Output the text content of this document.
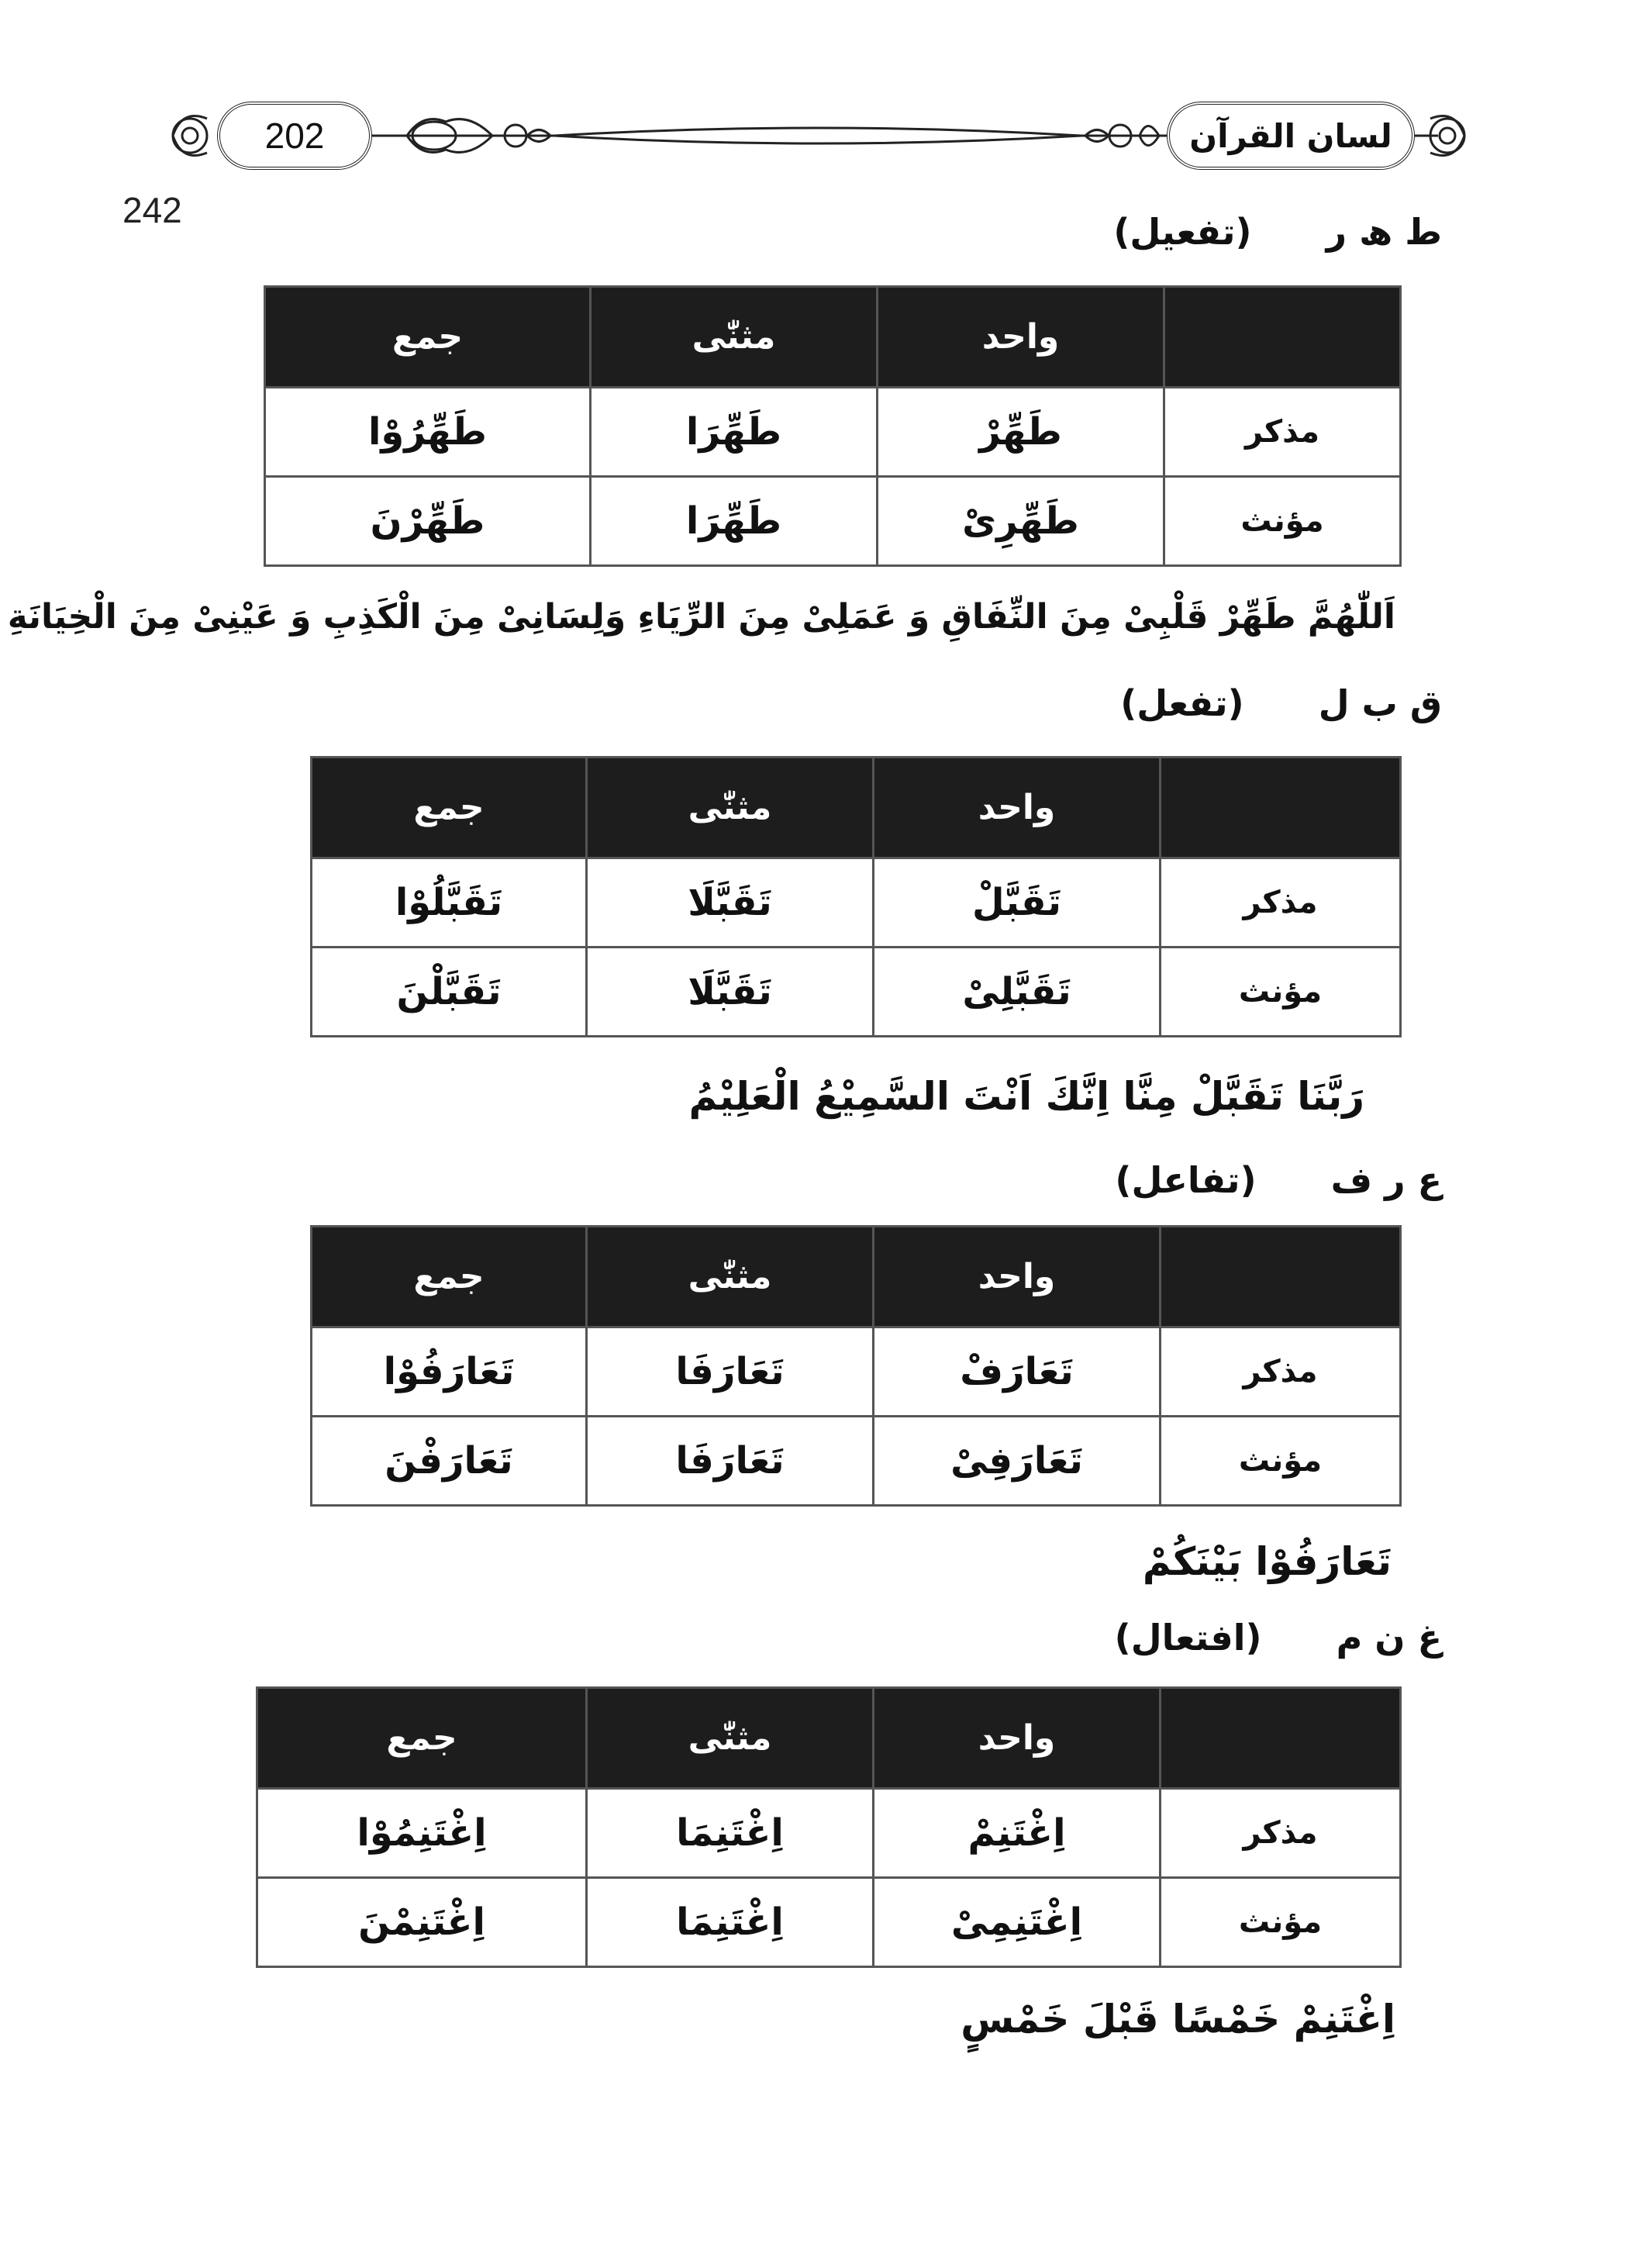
202	لسان القرآن
242
ط ھ ر (تفعیل)
	واحد	مثنّٰی	جمع
مذکر	طَھِّرْ	طَھِّرَا	طَھِّرُوْا
مؤنث	طَھِّرِیْ	طَھِّرَا	طَھِّرْنَ
اَللّٰھُمَّ طَھِّرْ قَلْبِیْ مِنَ النِّفَاقِ وَ عَمَلِیْ مِنَ الرِّیَاءِ وَلِسَانِیْ مِنَ الْکَذِبِ وَ عَیْنِیْ مِنَ الْخِیَانَةِ
ق ب ل (تفعل)
	واحد	مثنّٰی	جمع
مذکر	تَقَبَّلْ	تَقَبَّلَا	تَقَبَّلُوْا
مؤنث	تَقَبَّلِیْ	تَقَبَّلَا	تَقَبَّلْنَ
رَبَّنَا تَقَبَّلْ مِنَّا اِنَّكَ اَنْتَ السَّمِیْعُ الْعَلِیْمُ
ع ر ف (تفاعل)
	واحد	مثنّٰی	جمع
مذکر	تَعَارَفْ	تَعَارَفَا	تَعَارَفُوْا
مؤنث	تَعَارَفِیْ	تَعَارَفَا	تَعَارَفْنَ
تَعَارَفُوْا بَیْنَكُمْ
غ ن م (افتعال)
	واحد	مثنّٰی	جمع
مذکر	اِغْتَنِمْ	اِغْتَنِمَا	اِغْتَنِمُوْا
مؤنث	اِغْتَنِمِیْ	اِغْتَنِمَا	اِغْتَنِمْنَ
اِغْتَنِمْ خَمْسًا قَبْلَ خَمْسٍ
